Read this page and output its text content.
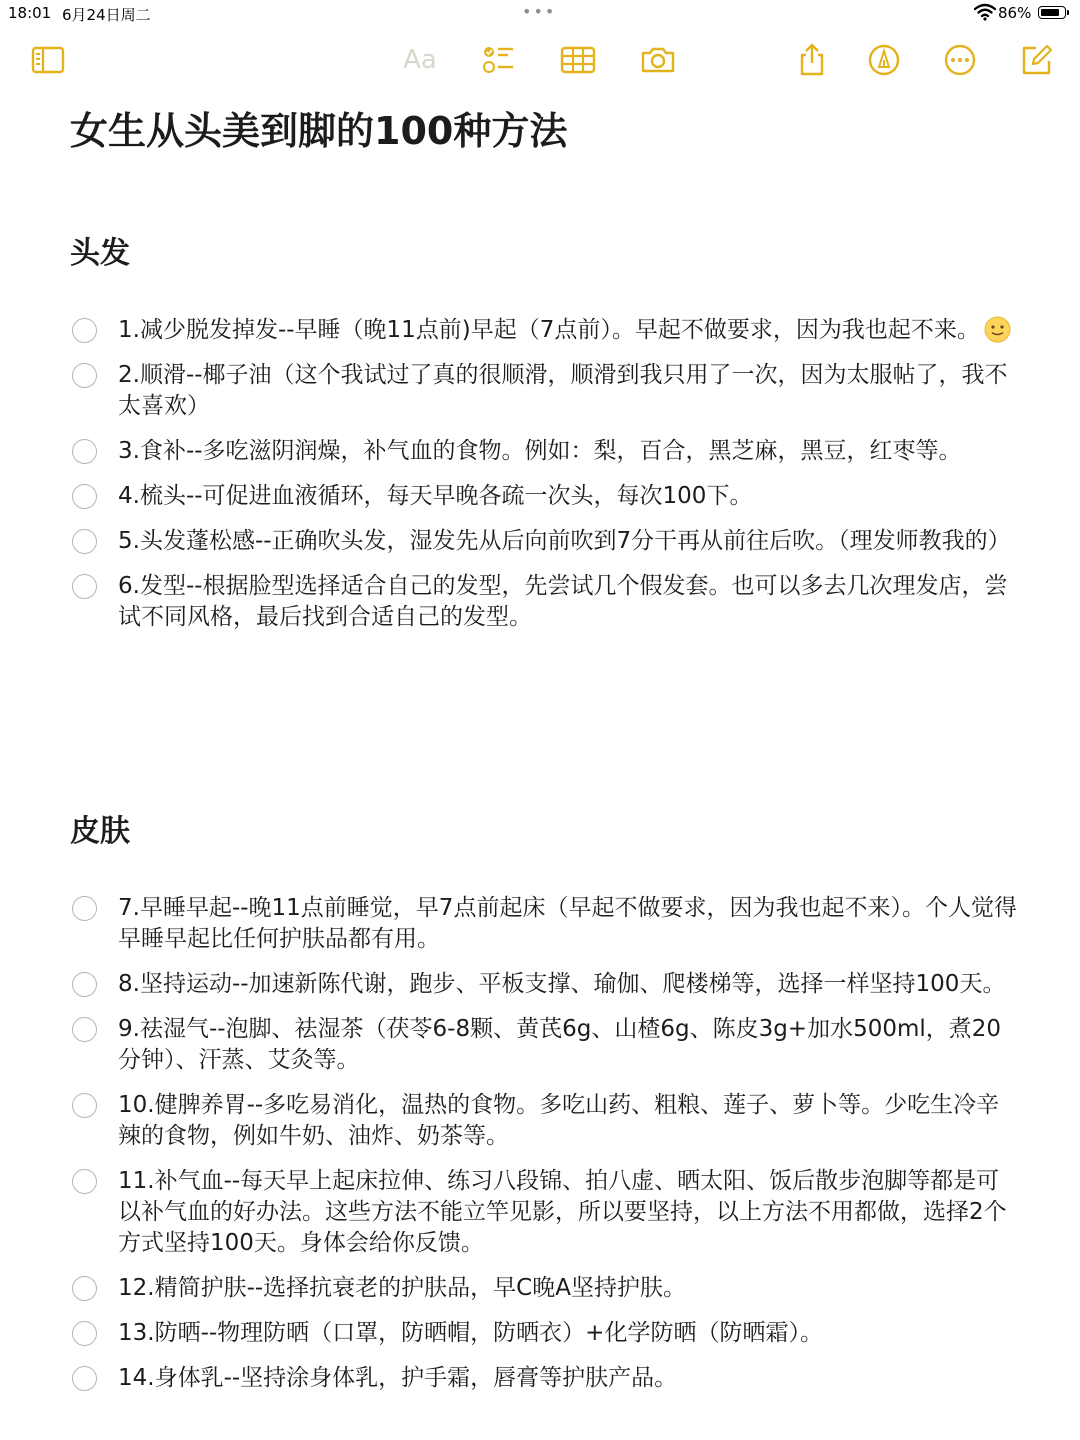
18:01 6月24日周二	•••	86%
Aa
女生从头美到脚的100种方法
头发
1.减少脱发掉发--早睡（晚11点前)早起（7点前）。早起不做要求，因为我也起不来。
2.顺滑--椰子油（这个我试过了真的很顺滑，顺滑到我只用了一次，因为太服帖了，我不太喜欢）
3.食补--多吃滋阴润燥，补气血的食物。例如：梨，百合，黑芝麻，黑豆，红枣等。
4.梳头--可促进血液循环，每天早晚各疏一次头，每次100下。
5.头发蓬松感--正确吹头发，湿发先从后向前吹到7分干再从前往后吹。（理发师教我的）
6.发型--根据脸型选择适合自己的发型，先尝试几个假发套。也可以多去几次理发店，尝试不同风格，最后找到合适自己的发型。
皮肤
7.早睡早起--晚11点前睡觉，早7点前起床（早起不做要求，因为我也起不来）。个人觉得早睡早起比任何护肤品都有用。
8.坚持运动--加速新陈代谢，跑步、平板支撑、瑜伽、爬楼梯等，选择一样坚持100天。
9.祛湿气--泡脚、祛湿茶（茯苓6-8颗、黄芪6g、山楂6g、陈皮3g+加水500ml，煮20分钟）、汗蒸、艾灸等。
10.健脾养胃--多吃易消化，温热的食物。多吃山药、粗粮、莲子、萝卜等。少吃生冷辛辣的食物，例如牛奶、油炸、奶茶等。
11.补气血--每天早上起床拉伸、练习八段锦、拍八虚、晒太阳、饭后散步泡脚等都是可以补气血的好办法。这些方法不能立竿见影，所以要坚持，以上方法不用都做，选择2个方式坚持100天。身体会给你反馈。
12.精简护肤--选择抗衰老的护肤品，早C晚A坚持护肤。
13.防晒--物理防晒（口罩，防晒帽，防晒衣）+化学防晒（防晒霜）。
14.身体乳--坚持涂身体乳，护手霜，唇膏等护肤产品。
